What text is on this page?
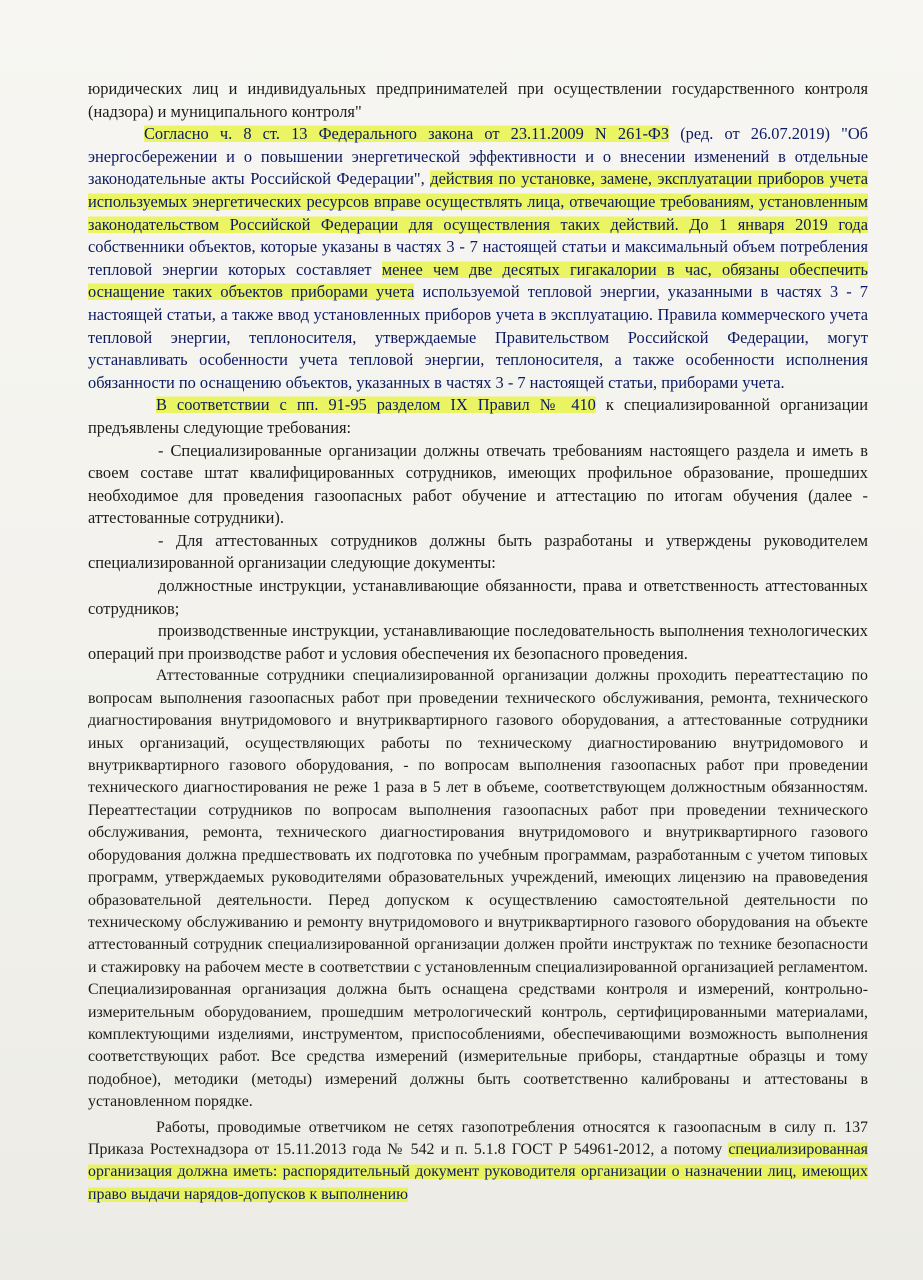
юридических лиц и индивидуальных предпринимателей при осуществлении государственного контроля (надзора) и муниципального контроля"

Согласно ч. 8 ст. 13 Федерального закона от 23.11.2009 N 261-ФЗ (ред. от 26.07.2019) "Об энергосбережении и о повышении энергетической эффективности и о внесении изменений в отдельные законодательные акты Российской Федерации", действия по установке, замене, эксплуатации приборов учета используемых энергетических ресурсов вправе осуществлять лица, отвечающие требованиям, установленным законодательством Российской Федерации для осуществления таких действий. До 1 января 2019 года собственники объектов, которые указаны в частях 3 - 7 настоящей статьи и максимальный объем потребления тепловой энергии которых составляет менее чем две десятых гигакалории в час, обязаны обеспечить оснащение таких объектов приборами учета используемой тепловой энергии, указанными в частях 3 - 7 настоящей статьи, а также ввод установленных приборов учета в эксплуатацию. Правила коммерческого учета тепловой энергии, теплоносителя, утверждаемые Правительством Российской Федерации, могут устанавливать особенности учета тепловой энергии, теплоносителя, а также особенности исполнения обязанности по оснащению объектов, указанных в частях 3 - 7 настоящей статьи, приборами учета.

В соответствии с пп. 91-95 разделом IX Правил № 410 к специализированной организации предъявлены следующие требования:

- Специализированные организации должны отвечать требованиям настоящего раздела и иметь в своем составе штат квалифицированных сотрудников, имеющих профильное образование, прошедших необходимое для проведения газоопасных работ обучение и аттестацию по итогам обучения (далее - аттестованные сотрудники).

- Для аттестованных сотрудников должны быть разработаны и утверждены руководителем специализированной организации следующие документы:

должностные инструкции, устанавливающие обязанности, права и ответственность аттестованных сотрудников;

производственные инструкции, устанавливающие последовательность выполнения технологических операций при производстве работ и условия обеспечения их безопасного проведения.

Аттестованные сотрудники специализированной организации должны проходить переаттестацию по вопросам выполнения газоопасных работ при проведении технического обслуживания, ремонта, технического диагностирования внутридомового и внутриквартирного газового оборудования, а аттестованные сотрудники иных организаций, осуществляющих работы по техническому диагностированию внутридомового и внутриквартирного газового оборудования, - по вопросам выполнения газоопасных работ при проведении технического диагностирования не реже 1 раза в 5 лет в объеме, соответствующем должностным обязанностям. Переаттестации сотрудников по вопросам выполнения газоопасных работ при проведении технического обслуживания, ремонта, технического диагностирования внутридомового и внутриквартирного газового оборудования должна предшествовать их подготовка по учебным программам, разработанным с учетом типовых программ, утверждаемых руководителями образовательных учреждений, имеющих лицензию на правоведения образовательной деятельности. Перед допуском к осуществлению самостоятельной деятельности по техническому обслуживанию и ремонту внутридомового и внутриквартирного газового оборудования на объекте аттестованный сотрудник специализированной организации должен пройти инструктаж по технике безопасности и стажировку на рабочем месте в соответствии с установленным специализированной организацией регламентом. Специализированная организация должна быть оснащена средствами контроля и измерений, контрольно-измерительным оборудованием, прошедшим метрологический контроль, сертифицированными материалами, комплектующими изделиями, инструментом, приспособлениями, обеспечивающими возможность выполнения соответствующих работ. Все средства измерений (измерительные приборы, стандартные образцы и тому подобное), методики (методы) измерений должны быть соответственно калиброваны и аттестованы в установленном порядке.

Работы, проводимые ответчиком не сетях газопотребления относятся к газоопасным в силу п. 137 Приказа Ростехнадзора от 15.11.2013 года № 542 и п. 5.1.8 ГОСТ Р 54961-2012, а потому специализированная организация должна иметь: распорядительный документ руководителя организации о назначении лиц, имеющих право выдачи нарядов-допусков к выполнению
